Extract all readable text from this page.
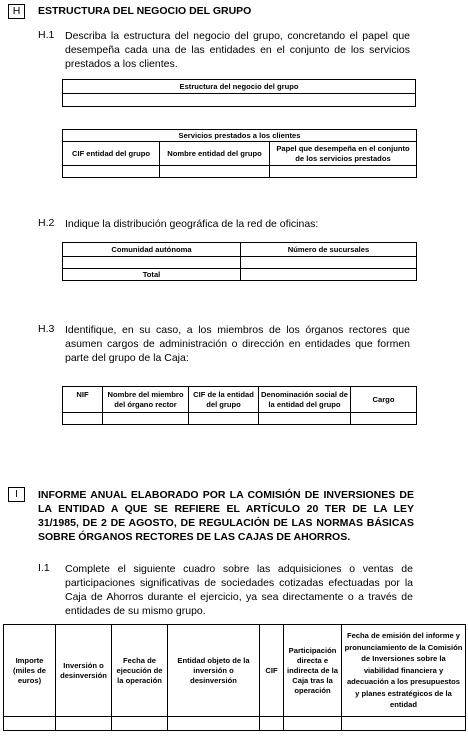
H	ESTRUCTURA DEL NEGOCIO DEL GRUPO
H.1 Describa la estructura del negocio del grupo, concretando el papel que desempeña cada una de las entidades en el conjunto de los servicios prestados a los clientes.
Estructura del negocio del grupo

Servicios prestados a los clientes		
CIF entidad del grupo	Nombre entidad del grupo	Papel que desempeña en el conjunto de los servicios prestados

H.2 Indique la distribución geográfica de la red de oficinas:
Comunidad autónoma	Número de sucursales

Total	
H.3 Identifique, en su caso, a los miembros de los órganos rectores que asumen cargos de administración o dirección en entidades que formen parte del grupo de la Caja:
NIF	Nombre del miembro del órgano rector	CIF de la entidad del grupo	Denominación social de la entidad del grupo	Cargo

I	INFORME ANUAL ELABORADO POR LA COMISIÓN DE INVERSIONES DE LA ENTIDAD A QUE SE REFIERE EL ARTÍCULO 20 TER DE LA LEY 31/1985, DE 2 DE AGOSTO, DE REGULACIÓN DE LAS NORMAS BÁSICAS SOBRE ÓRGANOS RECTORES DE LAS CAJAS DE AHORROS.
I.1 Complete el siguiente cuadro sobre las adquisiciones o ventas de participaciones significativas de sociedades cotizadas efectuadas por la Caja de Ahorros durante el ejercicio, ya sea directamente o a través de entidades de su mismo grupo.
Importe (miles de euros)	Inversión o desinversión	Fecha de ejecución de la operación	Entidad objeto de la inversión o desinversión	CIF	Participación directa e indirecta de la Caja tras la operación	Fecha de emisión del informe y pronunciamiento de la Comisión de Inversiones sobre la viabilidad financiera y adecuación a los presupuestos y planes estratégicos de la entidad
